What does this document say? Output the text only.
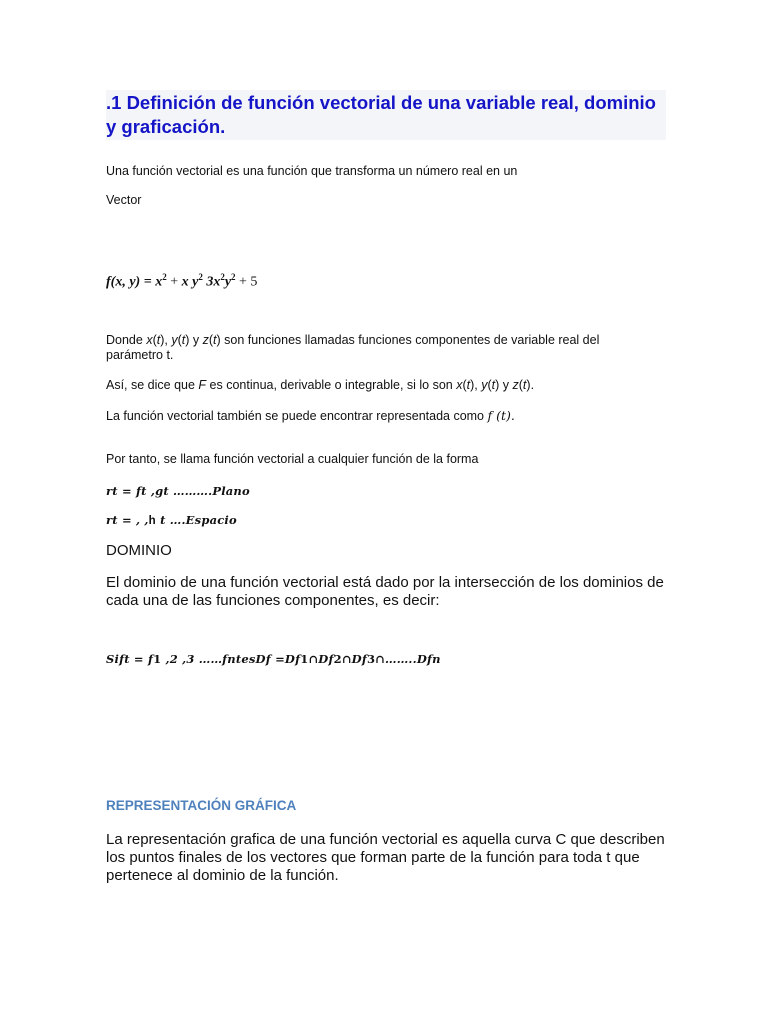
.1 Definición de función vectorial de una variable real, dominio y graficación.
Una función vectorial es una función que transforma un número real en un
Vector
f(x, $y) = x^2 + x$ $y^2$ $3x^2y^2 + 5$
Donde x(t), y(t) y z(t) son funciones llamadas funciones componentes de variable real del parámetro t.
Así, se dice que F es continua, derivable o integrable, si lo son x(t), y(t) y z(t).
La función vectorial también se puede encontrar representada como f (t).
Por tanto, se llama función vectorial a cualquier función de la forma
rt = ft ,gt ……….Plano
rt = , ,h t ….Espacio
DOMINIO
El dominio de una función vectorial está dado por la intersección de los dominios de cada una de las funciones componentes, es decir:
Sift = f1 ,2 ,3 ……fntesDf =Df1∩Df2∩Df3∩……..Dfn
REPRESENTACIÓN GRÁFICA
La representación grafica de una función vectorial es aquella curva C que describen los puntos finales de los vectores que forman parte de la función para toda t que pertenece al dominio de la función.
